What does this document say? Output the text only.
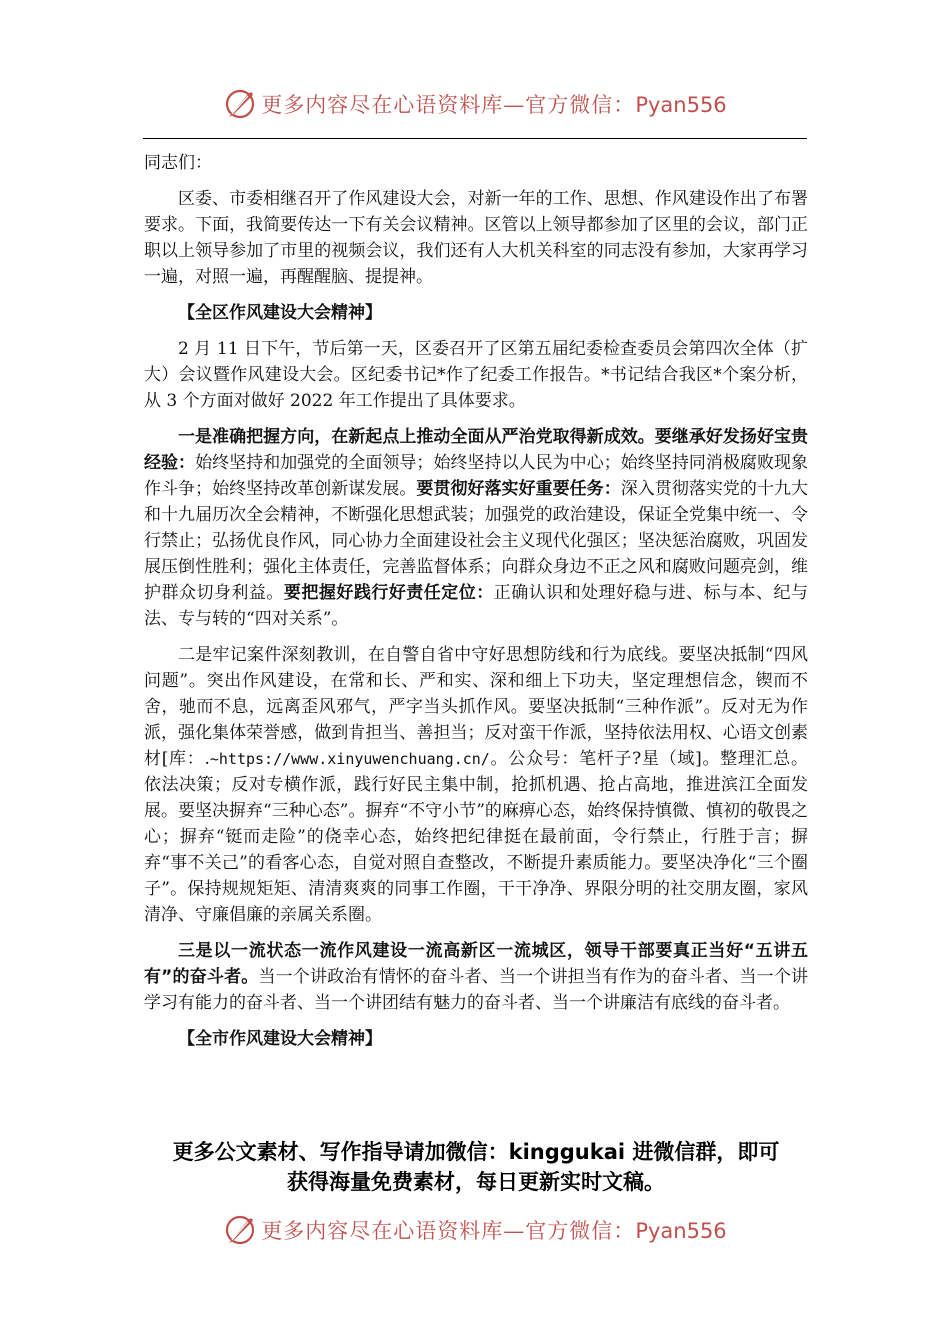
更多内容尽在心语资料库—官方微信：Pyan556

同志们：

区委、市委相继召开了作风建设大会，对新一年的工作、思想、作风建设作出了布署要求。下面，我简要传达一下有关会议精神。区管以上领导都参加了区里的会议，部门正职以上领导参加了市里的视频会议，我们还有人大机关科室的同志没有参加，大家再学习一遍，对照一遍，再醒醒脑、提提神。

【全区作风建设大会精神】

2 月 11 日下午，节后第一天，区委召开了区第五届纪委检查委员会第四次全体（扩大）会议暨作风建设大会。区纪委书记*作了纪委工作报告。*书记结合我区*个案分析，从 3 个方面对做好 2022 年工作提出了具体要求。

一是准确把握方向，在新起点上推动全面从严治党取得新成效。要继承好发扬好宝贵经验：始终坚持和加强党的全面领导；始终坚持以人民为中心；始终坚持同消极腐败现象作斗争；始终坚持改革创新谋发展。要贯彻好落实好重要任务：深入贯彻落实党的十九大和十九届历次全会精神，不断强化思想武装；加强党的政治建设，保证全党集中统一、令行禁止；弘扬优良作风，同心协力全面建设社会主义现代化强区；坚决惩治腐败，巩固发展压倒性胜利；强化主体责任，完善监督体系；向群众身边不正之风和腐败问题亮剑，维护群众切身利益。要把握好践行好责任定位：正确认识和处理好稳与进、标与本、纪与法、专与转的“四对关系”。

二是牢记案件深刻教训，在自警自省中守好思想防线和行为底线。要坚决抵制“四风问题”。突出作风建设，在常和长、严和实、深和细上下功夫，坚定理想信念，锲而不舍，驰而不息，远离歪风邪气，严字当头抓作风。要坚决抵制“三种作派”。反对无为作派，强化集体荣誉感，做到肯担当、善担当；反对蛮干作派，坚持依法用权、心语文创素材[库：.~https://www.xinyuwenchuang.cn/。公众号：笔杆子?星（域]。整理汇总。依法决策；反对专横作派，践行好民主集中制，抢抓机遇、抢占高地，推进滨江全面发展。要坚决摒弃“三种心态”。摒弃“不守小节”的麻痹心态，始终保持慎微、慎初的敬畏之心；摒弃“铤而走险”的侥幸心态，始终把纪律挺在最前面，令行禁止，行胜于言；摒弃“事不关己”的看客心态，自觉对照自查整改，不断提升素质能力。要坚决净化“三个圈子”。保持规规矩矩、清清爽爽的同事工作圈，干干净净、界限分明的社交朋友圈，家风清净、守廉倡廉的亲属关系圈。

三是以一流状态一流作风建设一流高新区一流城区，领导干部要真正当好“五讲五有”的奋斗者。当一个讲政治有情怀的奋斗者、当一个讲担当有作为的奋斗者、当一个讲学习有能力的奋斗者、当一个讲团结有魅力的奋斗者、当一个讲廉洁有底线的奋斗者。

【全市作风建设大会精神】

更多公文素材、写作指导请加微信：kinggukai 进微信群，即可
获得海量免费素材，每日更新实时文稿。
更多内容尽在心语资料库—官方微信：Pyan556
